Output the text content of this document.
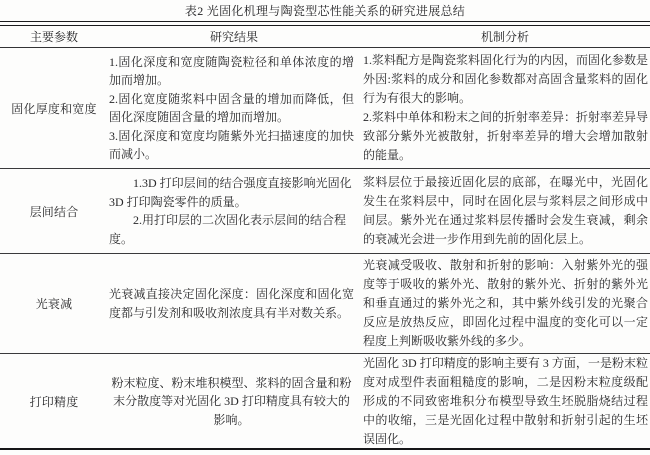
表2 光固化机理与陶瓷型芯性能关系的研究进展总结
主要参数	研究结果	机制分析
固化厚度和宽度

1.固化深度和宽度随陶瓷粒径和单体浓度的增加而增加。

2.固化宽度随浆料中固含量的增加而降低，但固化深度随固含量的增加而增加。

3.固化深度和宽度均随紫外光扫描速度的加快而减小。

1.浆料配方是陶瓷浆料固化行为的内因，而固化参数是外因:浆料的成分和固化参数都对高固含量浆料的固化行为有很大的影响。

2.浆料中单体和粉末之间的折射率差异：折射率差异导致部分紫外光被散射，折射率差异的增大会增加散射的能量。

层间结合

1.3D 打印层间的结合强度直接影响光固化 3D 打印陶瓷零件的质量。

2.用打印层的二次固化表示层间的结合程度。

浆料层位于最接近固化层的底部，在曝光中，光固化发生在浆料层中，同时在固化层与浆料层之间形成中间层。紫外光在通过浆料层传播时会发生衰减，剩余的衰减光会进一步作用到先前的固化层上。

光衰减

光衰减直接决定固化深度：固化深度和固化宽度都与引发剂和吸收剂浓度具有半对数关系。

光衰减受吸收、散射和折射的影响：入射紫外光的强度等于吸收的紫外光、散射的紫外光、折射的紫外光和垂直通过的紫外光之和，其中紫外线引发的光聚合反应是放热反应，即固化过程中温度的变化可以一定程度上判断吸收紫外线的多少。

打印精度

粉末粒度、粉末堆积模型、浆料的固含量和粉末分散度等对光固化 3D 打印精度具有较大的影响。

光固化 3D 打印精度的影响主要有 3 方面，一是粉末粒度对成型件表面粗糙度的影响，二是因粉末粒度级配形成的不同致密堆积分布模型导致生坯脱脂烧结过程中的收缩，三是光固化过程中散射和折射引起的生坯误固化。
